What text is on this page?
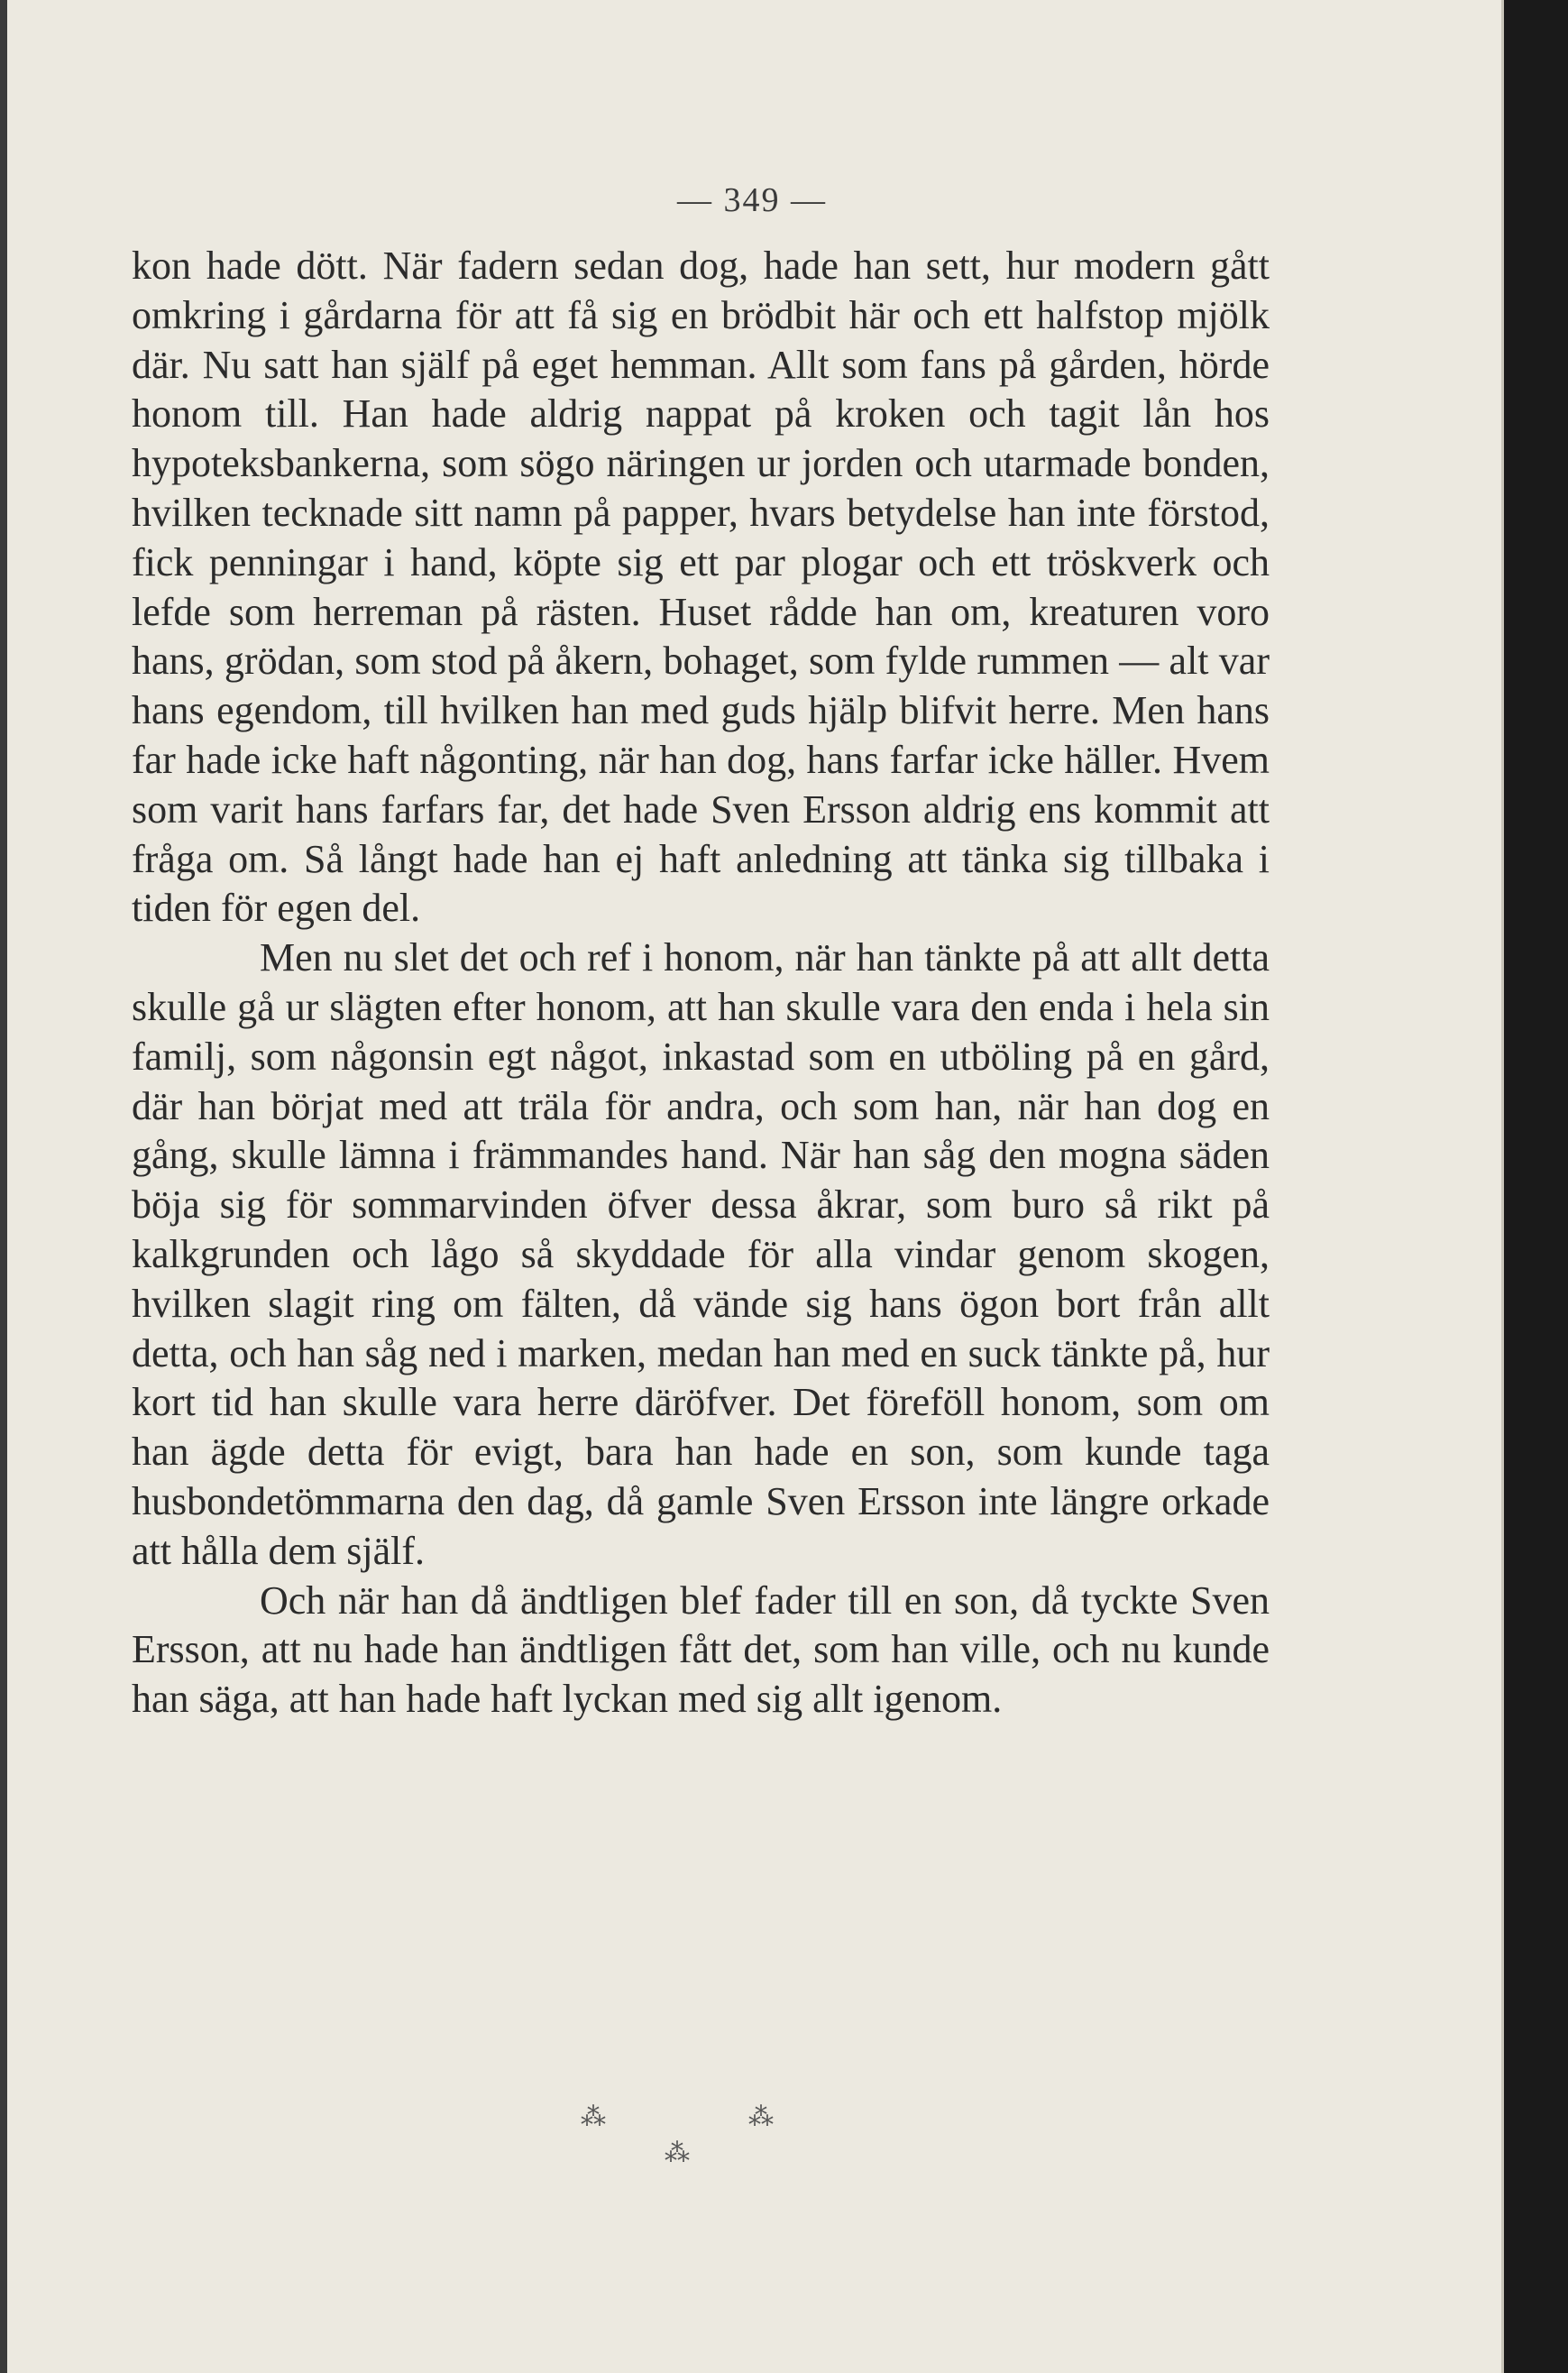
— 349 —

kon hade dött. När fadern sedan dog, hade han sett, hur modern gått omkring i gårdarna för att få sig en brödbit här och ett halfstop mjölk där. Nu satt han själf på eget hemman. Allt som fans på gården, hörde honom till. Han hade aldrig nappat på kroken och tagit lån hos hypoteksbankerna, som sögo näringen ur jorden och utarmade bonden, hvilken tecknade sitt namn på papper, hvars betydelse han inte förstod, fick penningar i hand, köpte sig ett par plogar och ett tröskverk och lefde som herreman på rästen. Huset rådde han om, kreaturen voro hans, grödan, som stod på åkern, bohaget, som fylde rummen — alt var hans egendom, till hvilken han med guds hjälp blifvit herre. Men hans far hade icke haft någonting, när han dog, hans farfar icke häller. Hvem som varit hans farfars far, det hade Sven Ersson aldrig ens kommit att fråga om. Så långt hade han ej haft anledning att tänka sig tillbaka i tiden för egen del.

Men nu slet det och ref i honom, när han tänkte på att allt detta skulle gå ur slägten efter honom, att han skulle vara den enda i hela sin familj, som någonsin egt något, inkastad som en utböling på en gård, där han börjat med att träla för andra, och som han, när han dog en gång, skulle lämna i främmandes hand. När han såg den mogna säden böja sig för sommarvinden öfver dessa åkrar, som buro så rikt på kalkgrunden och lågo så skyddade för alla vindar genom skogen, hvilken slagit ring om fälten, då vände sig hans ögon bort från allt detta, och han såg ned i marken, medan han med en suck tänkte på, hur kort tid han skulle vara herre däröfver. Det föreföll honom, som om han ägde detta för evigt, bara han hade en son, som kunde taga husbondetömmarna den dag, då gamle Sven Ersson inte längre orkade att hålla dem själf.

Och när han då ändtligen blef fader till en son, då tyckte Sven Ersson, att nu hade han ändtligen fått det, som han ville, och nu kunde han säga, att han hade haft lyckan med sig allt igenom.

⁂	⁂
⁂
